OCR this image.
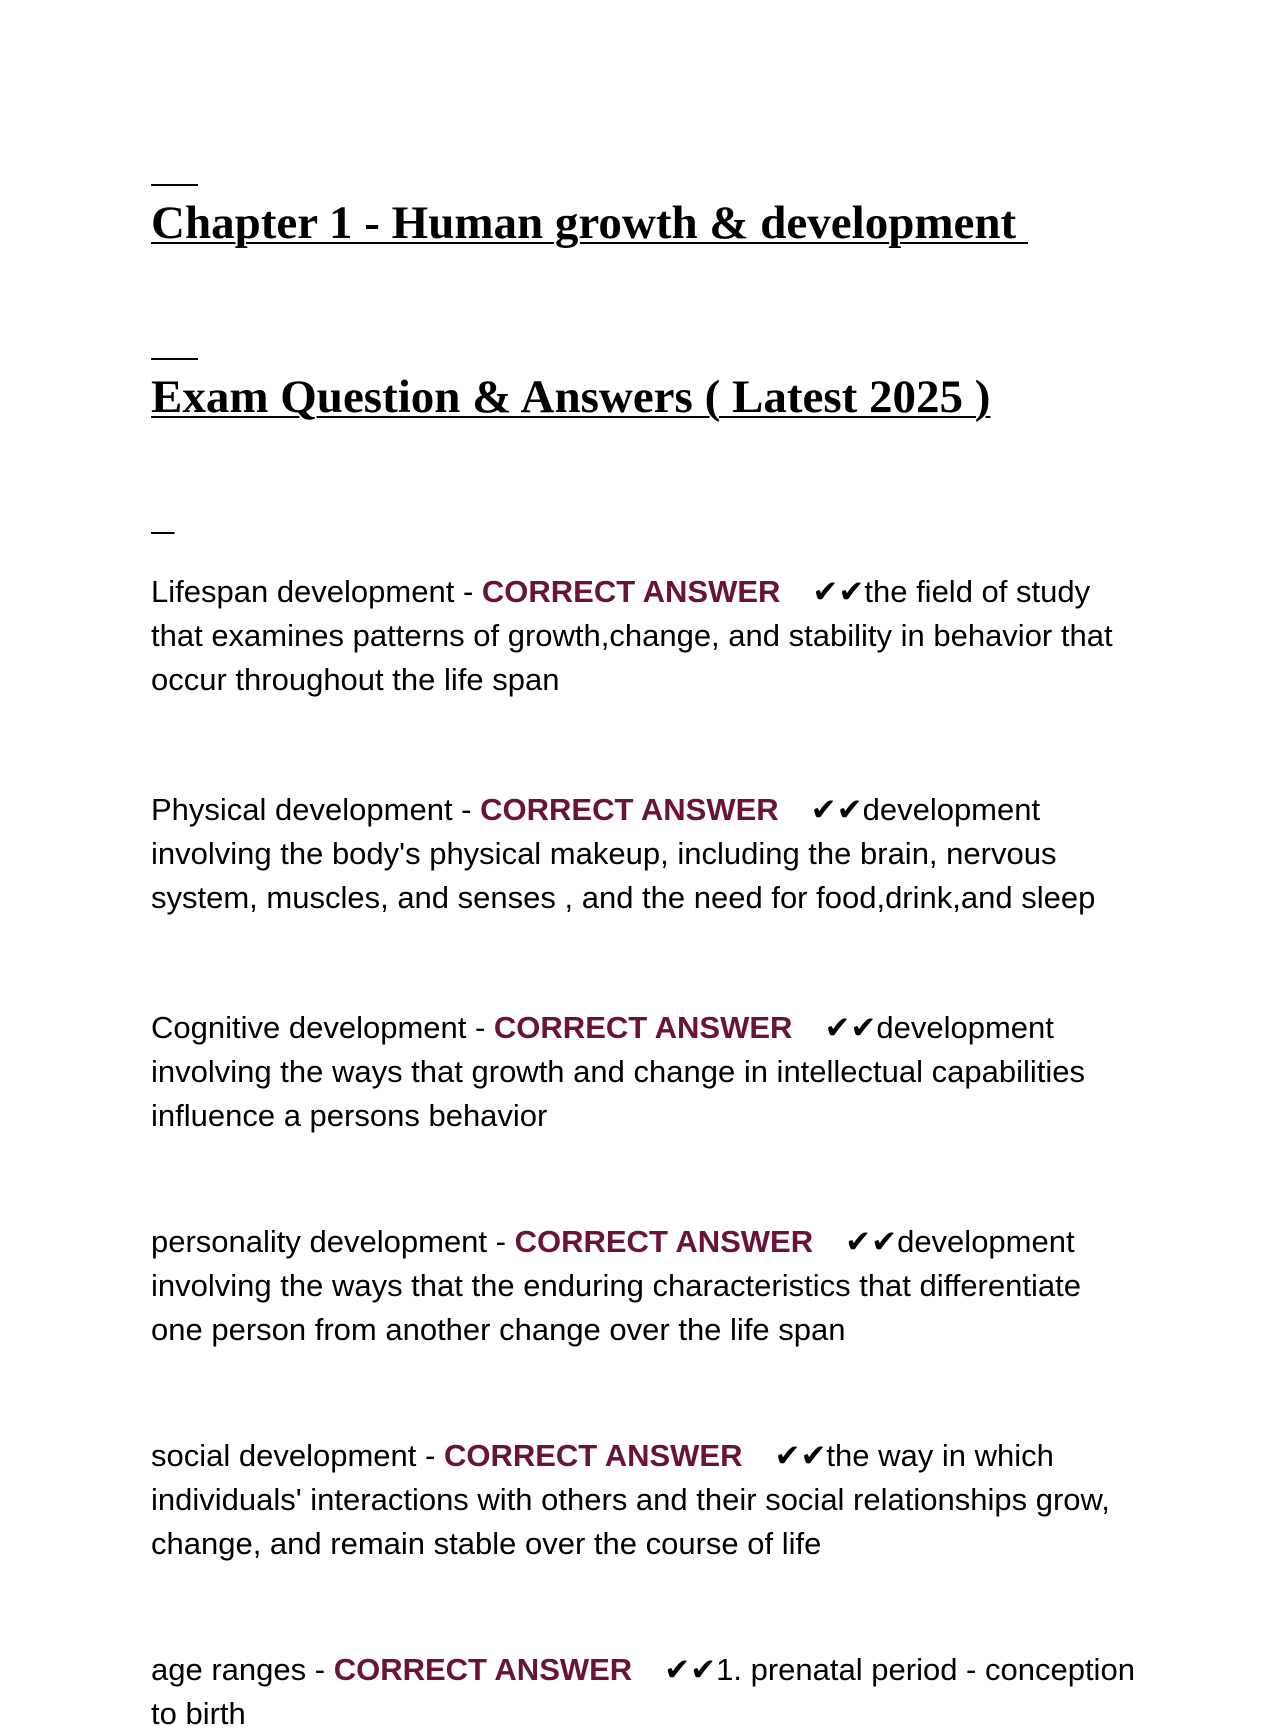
Chapter 1 - Human growth & development

Exam Question & Answers ( Latest 2025 )

Lifespan development - CORRECT ANSWER ✔✔the field of study that examines patterns of growth,change, and stability in behavior that occur throughout the life span

Physical development - CORRECT ANSWER ✔✔development involving the body's physical makeup, including the brain, nervous system, muscles, and senses , and the need for food,drink,and sleep

Cognitive development - CORRECT ANSWER ✔✔development involving the ways that growth and change in intellectual capabilities influence a persons behavior

personality development - CORRECT ANSWER ✔✔development involving the ways that the enduring characteristics that differentiate one person from another change over the life span

social development - CORRECT ANSWER ✔✔the way in which individuals' interactions with others and their social relationships grow, change, and remain stable over the course of life

age ranges - CORRECT ANSWER ✔✔1. prenatal period - conception to birth
